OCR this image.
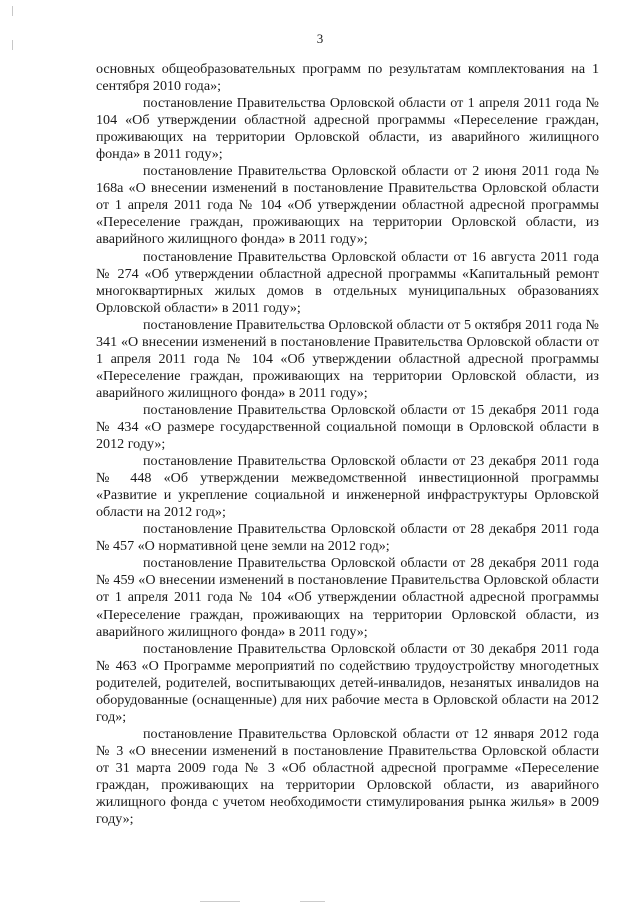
3

основных общеобразовательных программ по результатам комплектования на 1 сентября 2010 года»;

постановление Правительства Орловской области от 1 апреля 2011 года № 104 «Об утверждении областной адресной программы «Переселение граждан, проживающих на территории Орловской области, из аварийного жилищного фонда» в 2011 году»;

постановление Правительства Орловской области от 2 июня 2011 года № 168а «О внесении изменений в постановление Правительства Орловской области от 1 апреля 2011 года № 104 «Об утверждении областной адресной программы «Переселение граждан, проживающих на территории Орловской области, из аварийного жилищного фонда» в 2011 году»;

постановление Правительства Орловской области от 16 августа 2011 года № 274 «Об утверждении областной адресной программы «Капитальный ремонт многоквартирных жилых домов в отдельных муниципальных образованиях Орловской области» в 2011 году»;

постановление Правительства Орловской области от 5 октября 2011 года № 341 «О внесении изменений в постановление Правительства Орловской области от 1 апреля 2011 года № 104 «Об утверждении областной адресной программы «Переселение граждан, проживающих на территории Орловской области, из аварийного жилищного фонда» в 2011 году»;

постановление Правительства Орловской области от 15 декабря 2011 года № 434 «О размере государственной социальной помощи в Орловской области в 2012 году»;

постановление Правительства Орловской области от 23 декабря 2011 года № 448 «Об утверждении межведомственной инвестиционной программы «Развитие и укрепление социальной и инженерной инфраструктуры Орловской области на 2012 год»;

постановление Правительства Орловской области от 28 декабря 2011 года № 457 «О нормативной цене земли на 2012 год»;

постановление Правительства Орловской области от 28 декабря 2011 года № 459 «О внесении изменений в постановление Правительства Орловской области от 1 апреля 2011 года № 104 «Об утверждении областной адресной программы «Переселение граждан, проживающих на территории Орловской области, из аварийного жилищного фонда» в 2011 году»;

постановление Правительства Орловской области от 30 декабря 2011 года № 463 «О Программе мероприятий по содействию трудоустройству многодетных родителей, родителей, воспитывающих детей-инвалидов, незанятых инвалидов на оборудованные (оснащенные) для них рабочие места в Орловской области на 2012 год»;

постановление Правительства Орловской области от 12 января 2012 года № 3 «О внесении изменений в постановление Правительства Орловской области от 31 марта 2009 года № 3 «Об областной адресной программе «Переселение граждан, проживающих на территории Орловской области, из аварийного жилищного фонда с учетом необходимости стимулирования рынка жилья» в 2009 году»;
